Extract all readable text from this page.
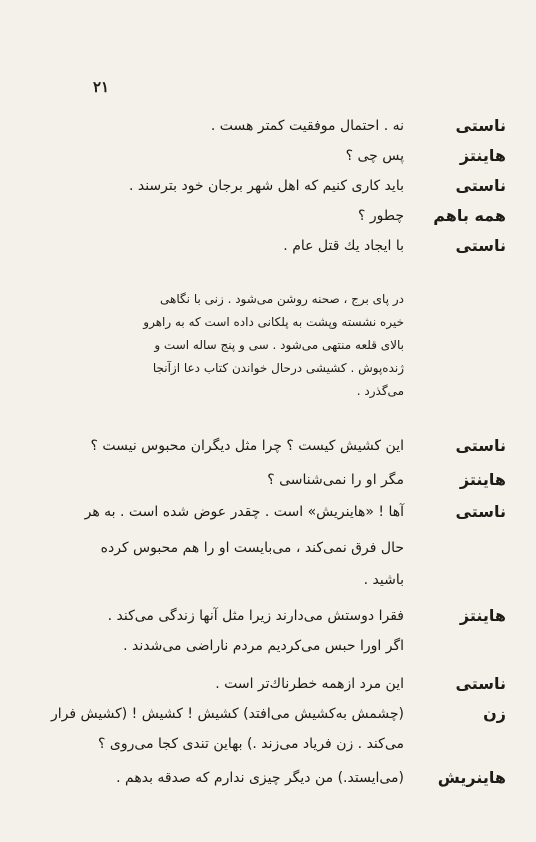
۲۱
ناستی
نه . احتمال موفقیت کمتر هست .
هاینتز
پس چی ؟
ناستی
باید کاری کنیم که اهل شهر برجان خود بترسند .
همه باهم
چطور ؟
ناستی
با ایجاد یك قتل عام .
در پای برج ، صحنه روشن می‌شود . زنی با نگاهی
خیره نشسته وپشت به پلکانی داده است که به راهرو
بالای قلعه منتهی می‌شود . سی و پنج ساله است و
ژنده‌پوش . کشیشی درحال خواندن کتاب دعا ازآنجا
می‌گذرد .
ناستی
این کشیش کیست ؟ چرا مثل دیگران محبوس نیست ؟
هاینتز
مگر او را نمی‌شناسی ؟
ناستی
آها ! «هاینریش» است . چقدر عوض شده است . به هر
حال فرق نمی‌کند ، می‌بایست او را هم محبوس کرده
باشید .
هاینتز
فقرا دوستش می‌دارند زیرا مثل آنها زندگی می‌کند .
اگر اورا حبس می‌کردیم مردم ناراضی می‌شدند .
ناستی
این مرد ازهمه خطرناك‌تر است .
زن
(چشمش به‌کشیش می‌افتد) کشیش ! کشیش ! (کشیش فرار
می‌کند . زن فریاد می‌زند .) بهاین تندی کجا می‌روی ؟
هاینریش
(می‌ایستد.) من دیگر چیزی ندارم که صدقه بدهم .
